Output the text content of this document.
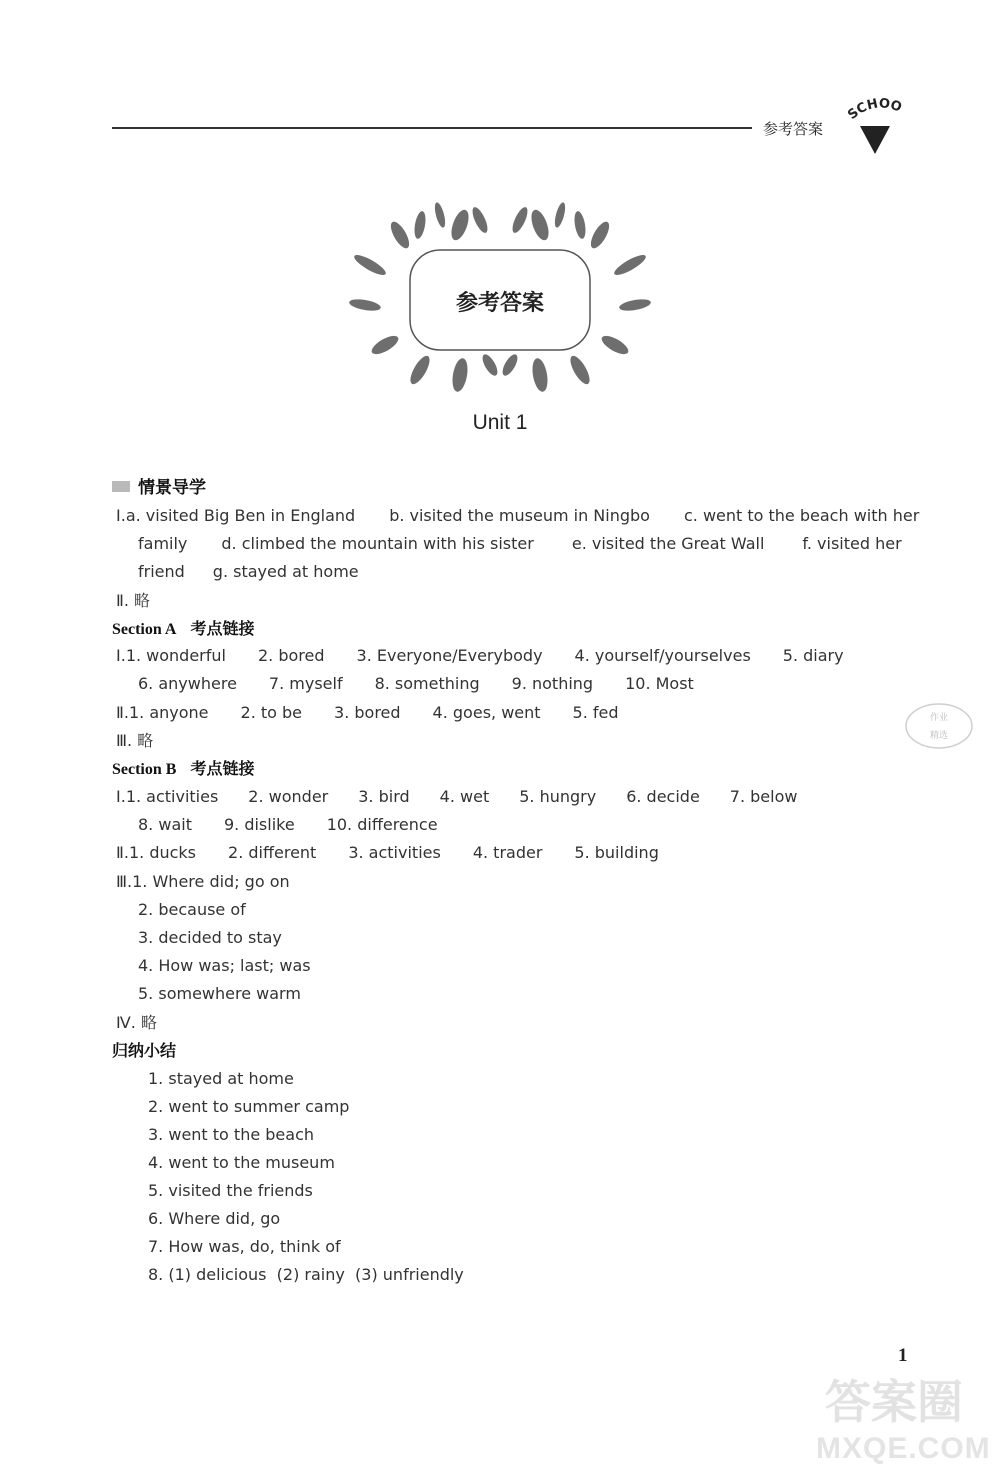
参考答案
SCHOO
参考答案
Unit 1
情景导学
Ⅰ.a. visited Big Ben in England b. visited the museum in Ningbo c. went to the beach with her
family d. climbed the mountain with his sister e. visited the Great Wall f. visited her
friend g. stayed at home
Ⅱ. 略
Section A 考点链接
Ⅰ.1. wonderful 2. bored 3. Everyone/Everybody 4. yourself/yourselves 5. diary
6. anywhere 7. myself 8. something 9. nothing 10. Most
Ⅱ.1. anyone 2. to be 3. bored 4. goes, went 5. fed
Ⅲ. 略
Section B 考点链接
Ⅰ.1. activities 2. wonder 3. bird 4. wet 5. hungry 6. decide 7. below
8. wait 9. dislike 10. difference
Ⅱ.1. ducks 2. different 3. activities 4. trader 5. building
Ⅲ.1. Where did; go on
2. because of
3. decided to stay
4. How was; last; was
5. somewhere warm
Ⅳ. 略
归纳小结
1. stayed at home
2. went to summer camp
3. went to the beach
4. went to the museum
5. visited the friends
6. Where did, go
7. How was, do, think of
8. (1) delicious  (2) rainy  (3) unfriendly
作业
精选
1
答案圈
MXQE.COM
